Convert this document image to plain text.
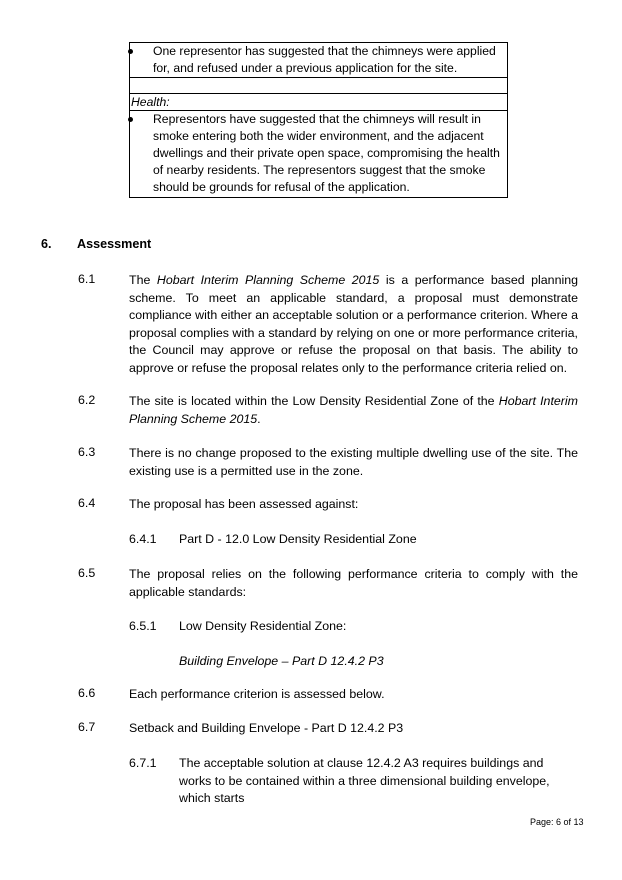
One representor has suggested that the chimneys were applied for, and refused under a previous application for the site.

Health:

Representors have suggested that the chimneys will result in smoke entering both the wider environment, and the adjacent dwellings and their private open space, compromising the health of nearby residents. The representors suggest that the smoke should be grounds for refusal of the application.
6. Assessment
6.1	The Hobart Interim Planning Scheme 2015 is a performance based planning scheme. To meet an applicable standard, a proposal must demonstrate compliance with either an acceptable solution or a performance criterion. Where a proposal complies with a standard by relying on one or more performance criteria, the Council may approve or refuse the proposal on that basis. The ability to approve or refuse the proposal relates only to the performance criteria relied on.
6.2	The site is located within the Low Density Residential Zone of the Hobart Interim Planning Scheme 2015.
6.3	There is no change proposed to the existing multiple dwelling use of the site. The existing use is a permitted use in the zone.
6.4	The proposal has been assessed against:
6.4.1 Part D - 12.0 Low Density Residential Zone
6.5	The proposal relies on the following performance criteria to comply with the applicable standards:
6.5.1 Low Density Residential Zone:
Building Envelope – Part D 12.4.2 P3
6.6	Each performance criterion is assessed below.
6.7	Setback and Building Envelope - Part D 12.4.2 P3
6.7.1 The acceptable solution at clause 12.4.2 A3 requires buildings and works to be contained within a three dimensional building envelope, which starts
Page: 6 of 13
